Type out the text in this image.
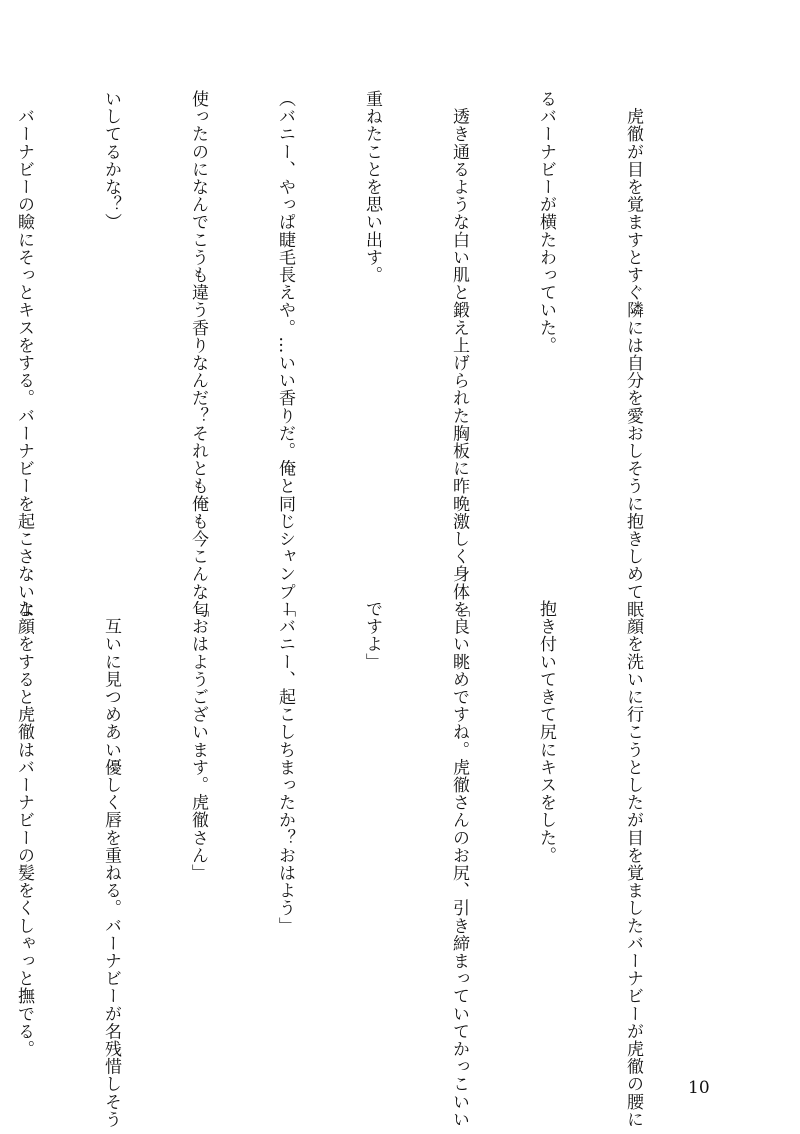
　虎徹が目を覚ますとすぐ隣には自分を愛おしそうに抱きしめて眠

るバーナビーが横たわっていた。

　透き通るような白い肌と鍛え上げられた胸板に昨晩激しく身体を

重ねたことを思い出す。

（バニー、やっぱ睫毛長えや。…いい香りだ。俺と同じシャンプー

使ったのになんでこうも違う香りなんだ？それとも俺も今こんな匂

いしてるかな？）

　バーナビーの瞼にそっとキスをする。バーナビーを起こさないよ

　顔を洗いに行こうとしたが目を覚ましたバーナビーが虎徹の腰に

抱き付いてきて尻にキスをした。

「良い眺めですね。虎徹さんのお尻、引き締まっていてかっこいい

ですよ」

「バニー、起こしちまったか？おはよう」

「おはようございます。虎徹さん」

　互いに見つめあい優しく唇を重ねる。バーナビーが名残惜しそう

な顔をすると虎徹はバーナビーの髪をくしゃっと撫でる。

10
